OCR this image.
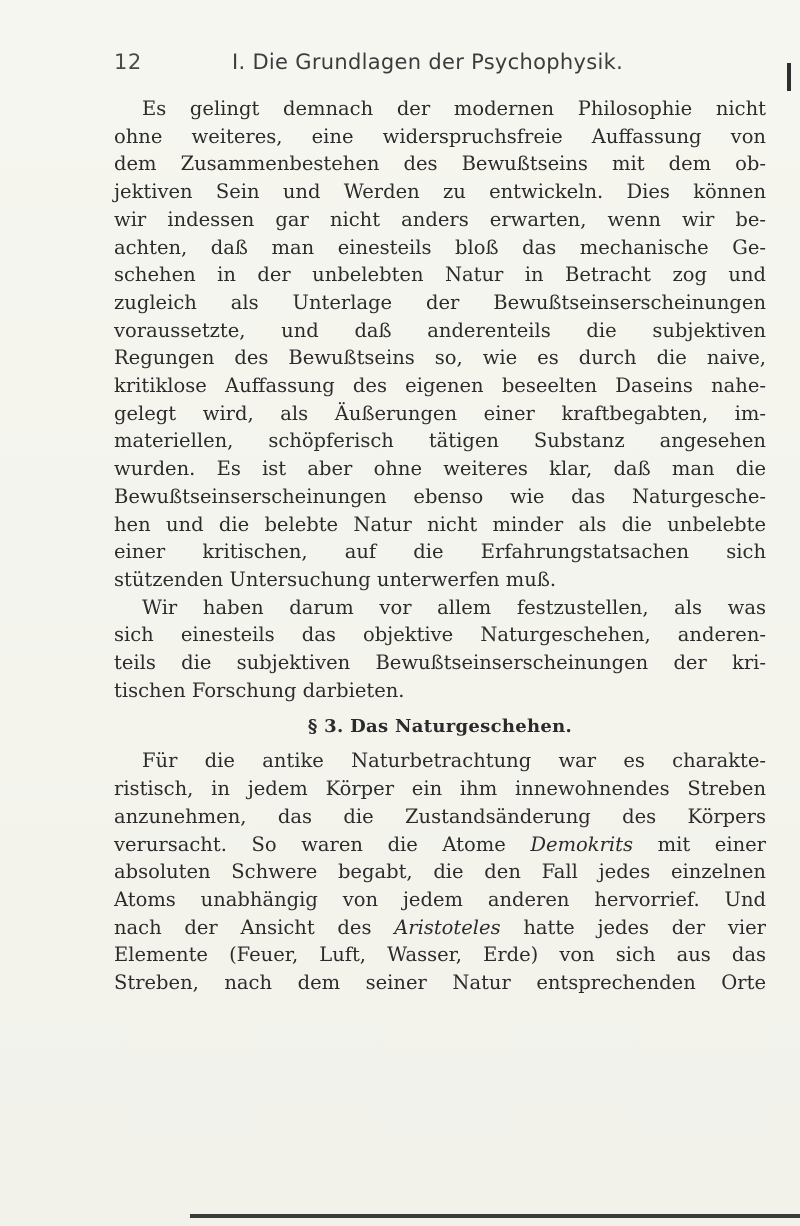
12	I. Die Grundlagen der Psychophysik.

Es gelingt demnach der modernen Philosophie nicht
ohne weiteres, eine widerspruchsfreie Auffassung von
dem Zusammenbestehen des Bewußtseins mit dem ob-
jektiven Sein und Werden zu entwickeln. Dies können
wir indessen gar nicht anders erwarten, wenn wir be-
achten, daß man einesteils bloß das mechanische Ge-
schehen in der unbelebten Natur in Betracht zog und
zugleich als Unterlage der Bewußtseinserscheinungen
voraussetzte, und daß anderenteils die subjektiven
Regungen des Bewußtseins so, wie es durch die naive,
kritiklose Auffassung des eigenen beseelten Daseins nahe-
gelegt wird, als Äußerungen einer kraftbegabten, im-
materiellen, schöpferisch tätigen Substanz angesehen
wurden. Es ist aber ohne weiteres klar, daß man die
Bewußtseinserscheinungen ebenso wie das Naturgesche-
hen und die belebte Natur nicht minder als die unbelebte
einer kritischen, auf die Erfahrungstatsachen sich
stützenden Untersuchung unterwerfen muß.

Wir haben darum vor allem festzustellen, als was
sich einesteils das objektive Naturgeschehen, anderen-
teils die subjektiven Bewußtseinserscheinungen der kri-
tischen Forschung darbieten.

§ 3. Das Naturgeschehen.

Für die antike Naturbetrachtung war es charakte-
ristisch, in jedem Körper ein ihm innewohnendes Streben
anzunehmen, das die Zustandsänderung des Körpers
verursacht. So waren die Atome Demokrits mit einer
absoluten Schwere begabt, die den Fall jedes einzelnen
Atoms unabhängig von jedem anderen hervorrief. Und
nach der Ansicht des Aristoteles hatte jedes der vier
Elemente (Feuer, Luft, Wasser, Erde) von sich aus das
Streben, nach dem seiner Natur entsprechenden Orte
